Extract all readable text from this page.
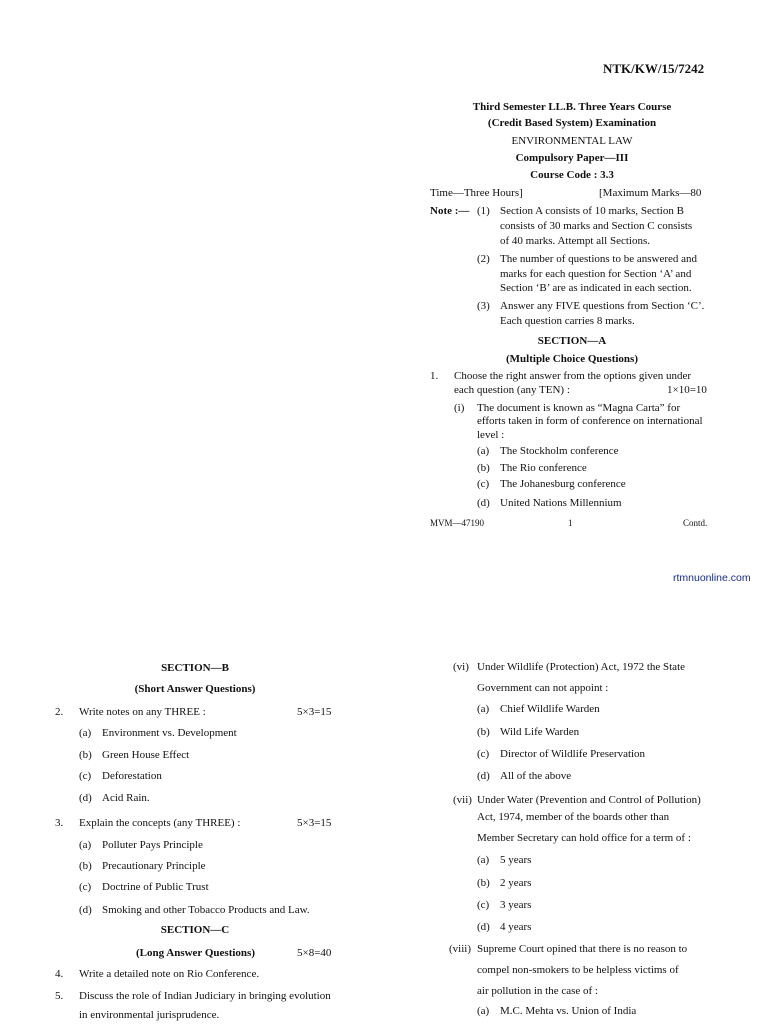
NTK/KW/15/7242
Third Semester LL.B. Three Years Course
(Credit Based System) Examination
ENVIRONMENTAL LAW
Compulsory Paper—III
Course Code : 3.3
Time—Three Hours]	[Maximum Marks—80
Note :— (1) Section A consists of 10 marks, Section B
consists of 30 marks and Section C consists
of 40 marks. Attempt all Sections.
(2) The number of questions to be answered and
marks for each question for Section ‘A’ and
Section ‘B’ are as indicated in each section.
(3) Answer any FIVE questions from Section ‘C’.
Each question carries 8 marks.
SECTION—A
(Multiple Choice Questions)
1. Choose the right answer from the options given under
each question (any TEN) :	1×10=10
(i) The document is known as “Magna Carta” for
efforts taken in form of conference on international
level :
(a) The Stockholm conference
(b) The Rio conference
(c) The Johanesburg conference
(d) United Nations Millennium
MVM—47190	1	Contd.
rtmnuonline.com
SECTION—B
(Short Answer Questions)
2. Write notes on any THREE :	5×3=15
(a) Environment vs. Development
(b) Green House Effect
(c) Deforestation
(d) Acid Rain.
3. Explain the concepts (any THREE) :	5×3=15
(a) Polluter Pays Principle
(b) Precautionary Principle
(c) Doctrine of Public Trust
(d) Smoking and other Tobacco Products and Law.
SECTION—C
(Long Answer Questions)	5×8=40
4. Write a detailed note on Rio Conference.
5. Discuss the role of Indian Judiciary in bringing evolution
in environmental jurisprudence.
(vi) Under Wildlife (Protection) Act, 1972 the State
Government can not appoint :
(a) Chief Wildlife Warden
(b) Wild Life Warden
(c) Director of Wildlife Preservation
(d) All of the above
(vii) Under Water (Prevention and Control of Pollution)
Act, 1974, member of the boards other than
Member Secretary can hold office for a term of :
(a) 5 years
(b) 2 years
(c) 3 years
(d) 4 years
(viii) Supreme Court opined that there is no reason to
compel non-smokers to be helpless victims of
air pollution in the case of :
(a) M.C. Mehta vs. Union of India
